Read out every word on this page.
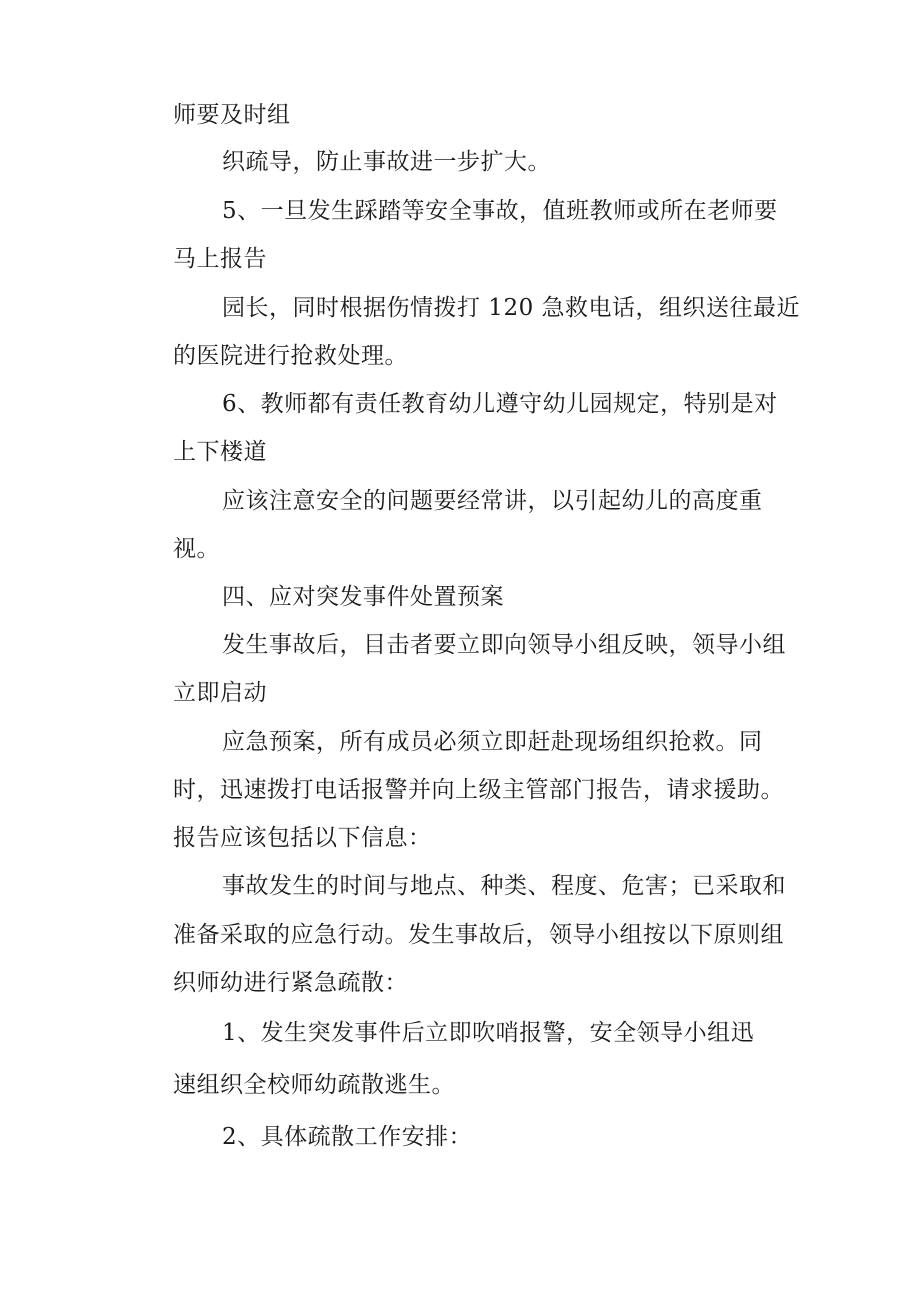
师要及时组
织疏导，防止事故进一步扩大。
5、一旦发生踩踏等安全事故，值班教师或所在老师要
马上报告
园长，同时根据伤情拨打 120 急救电话，组织送往最近
的医院进行抢救处理。
6、教师都有责任教育幼儿遵守幼儿园规定，特别是对
上下楼道
应该注意安全的问题要经常讲，以引起幼儿的高度重
视。
四、应对突发事件处置预案
发生事故后，目击者要立即向领导小组反映，领导小组
立即启动
应急预案，所有成员必须立即赶赴现场组织抢救。同
时，迅速拨打电话报警并向上级主管部门报告，请求援助。
报告应该包括以下信息：
事故发生的时间与地点、种类、程度、危害；已采取和
准备采取的应急行动。发生事故后，领导小组按以下原则组
织师幼进行紧急疏散：
1、发生突发事件后立即吹哨报警，安全领导小组迅
速组织全校师幼疏散逃生。
2、具体疏散工作安排：
